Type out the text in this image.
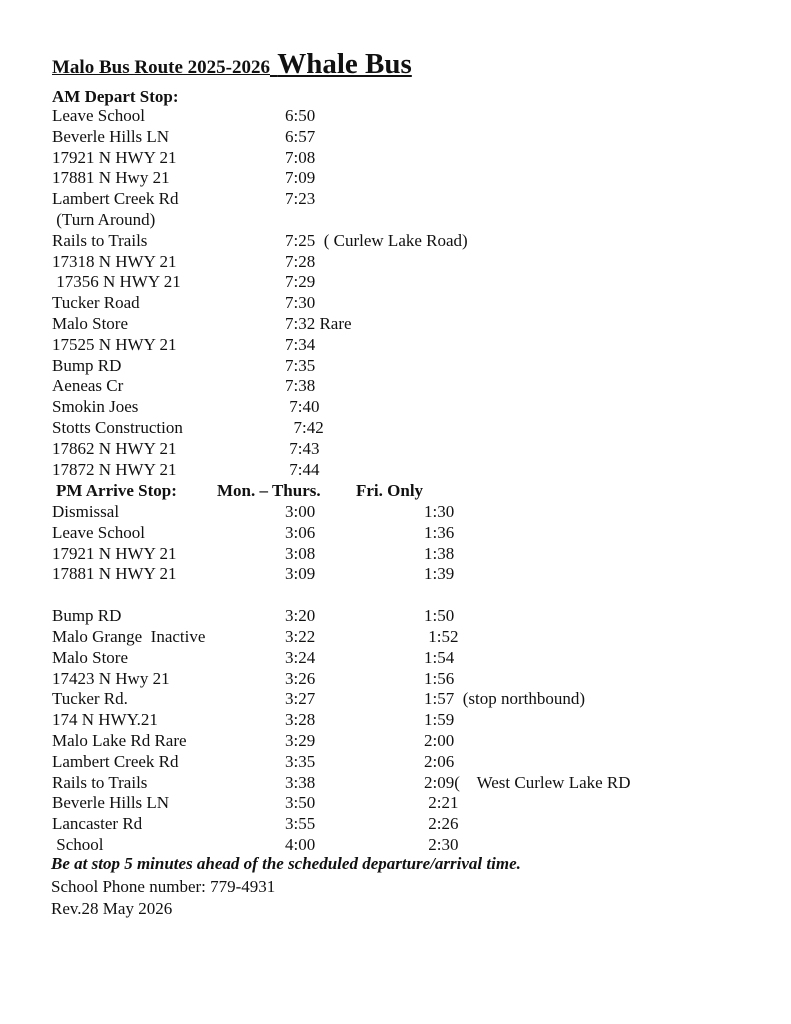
Malo Bus Route 2025-2026 Whale Bus
AM Depart Stop:
Leave School	6:50
Beverle Hills LN	6:57
17921 N HWY 21	7:08
17881 N Hwy 21	7:09
Lambert Creek Rd	7:23
(Turn Around)
Rails to Trails	7:25  ( Curlew Lake Road)
17318 N HWY 21	7:28
17356 N HWY 21	7:29
Tucker Road	7:30
Malo Store	7:32 Rare
17525 N HWY 21	7:34
Bump RD	7:35
Aeneas Cr	7:38
Smokin Joes	7:40
Stotts Construction	7:42
17862 N HWY 21	7:43
17872 N HWY 21	7:44
PM Arrive Stop: Mon. – Thurs. Fri. Only
Dismissal	3:00	1:30
Leave School	3:06	1:36
17921 N HWY 21	3:08	1:38
17881 N HWY 21	3:09	1:39
Bump RD	3:20	1:50
Malo Grange  Inactive	3:22	1:52
Malo Store	3:24	1:54
17423 N Hwy 21	3:26	1:56
Tucker Rd.	3:27	1:57  (stop northbound)
174 N HWY.21	3:28	1:59
Malo Lake Rd Rare	3:29	2:00
Lambert Creek Rd	3:35	2:06
Rails to Trails	3:38	2:09(    West Curlew Lake RD
Beverle Hills LN	3:50	2:21
Lancaster Rd	3:55	2:26
School	4:00	2:30
Be at stop 5 minutes ahead of the scheduled departure/arrival time.
School Phone number: 779-4931
Rev.28 May 2026
